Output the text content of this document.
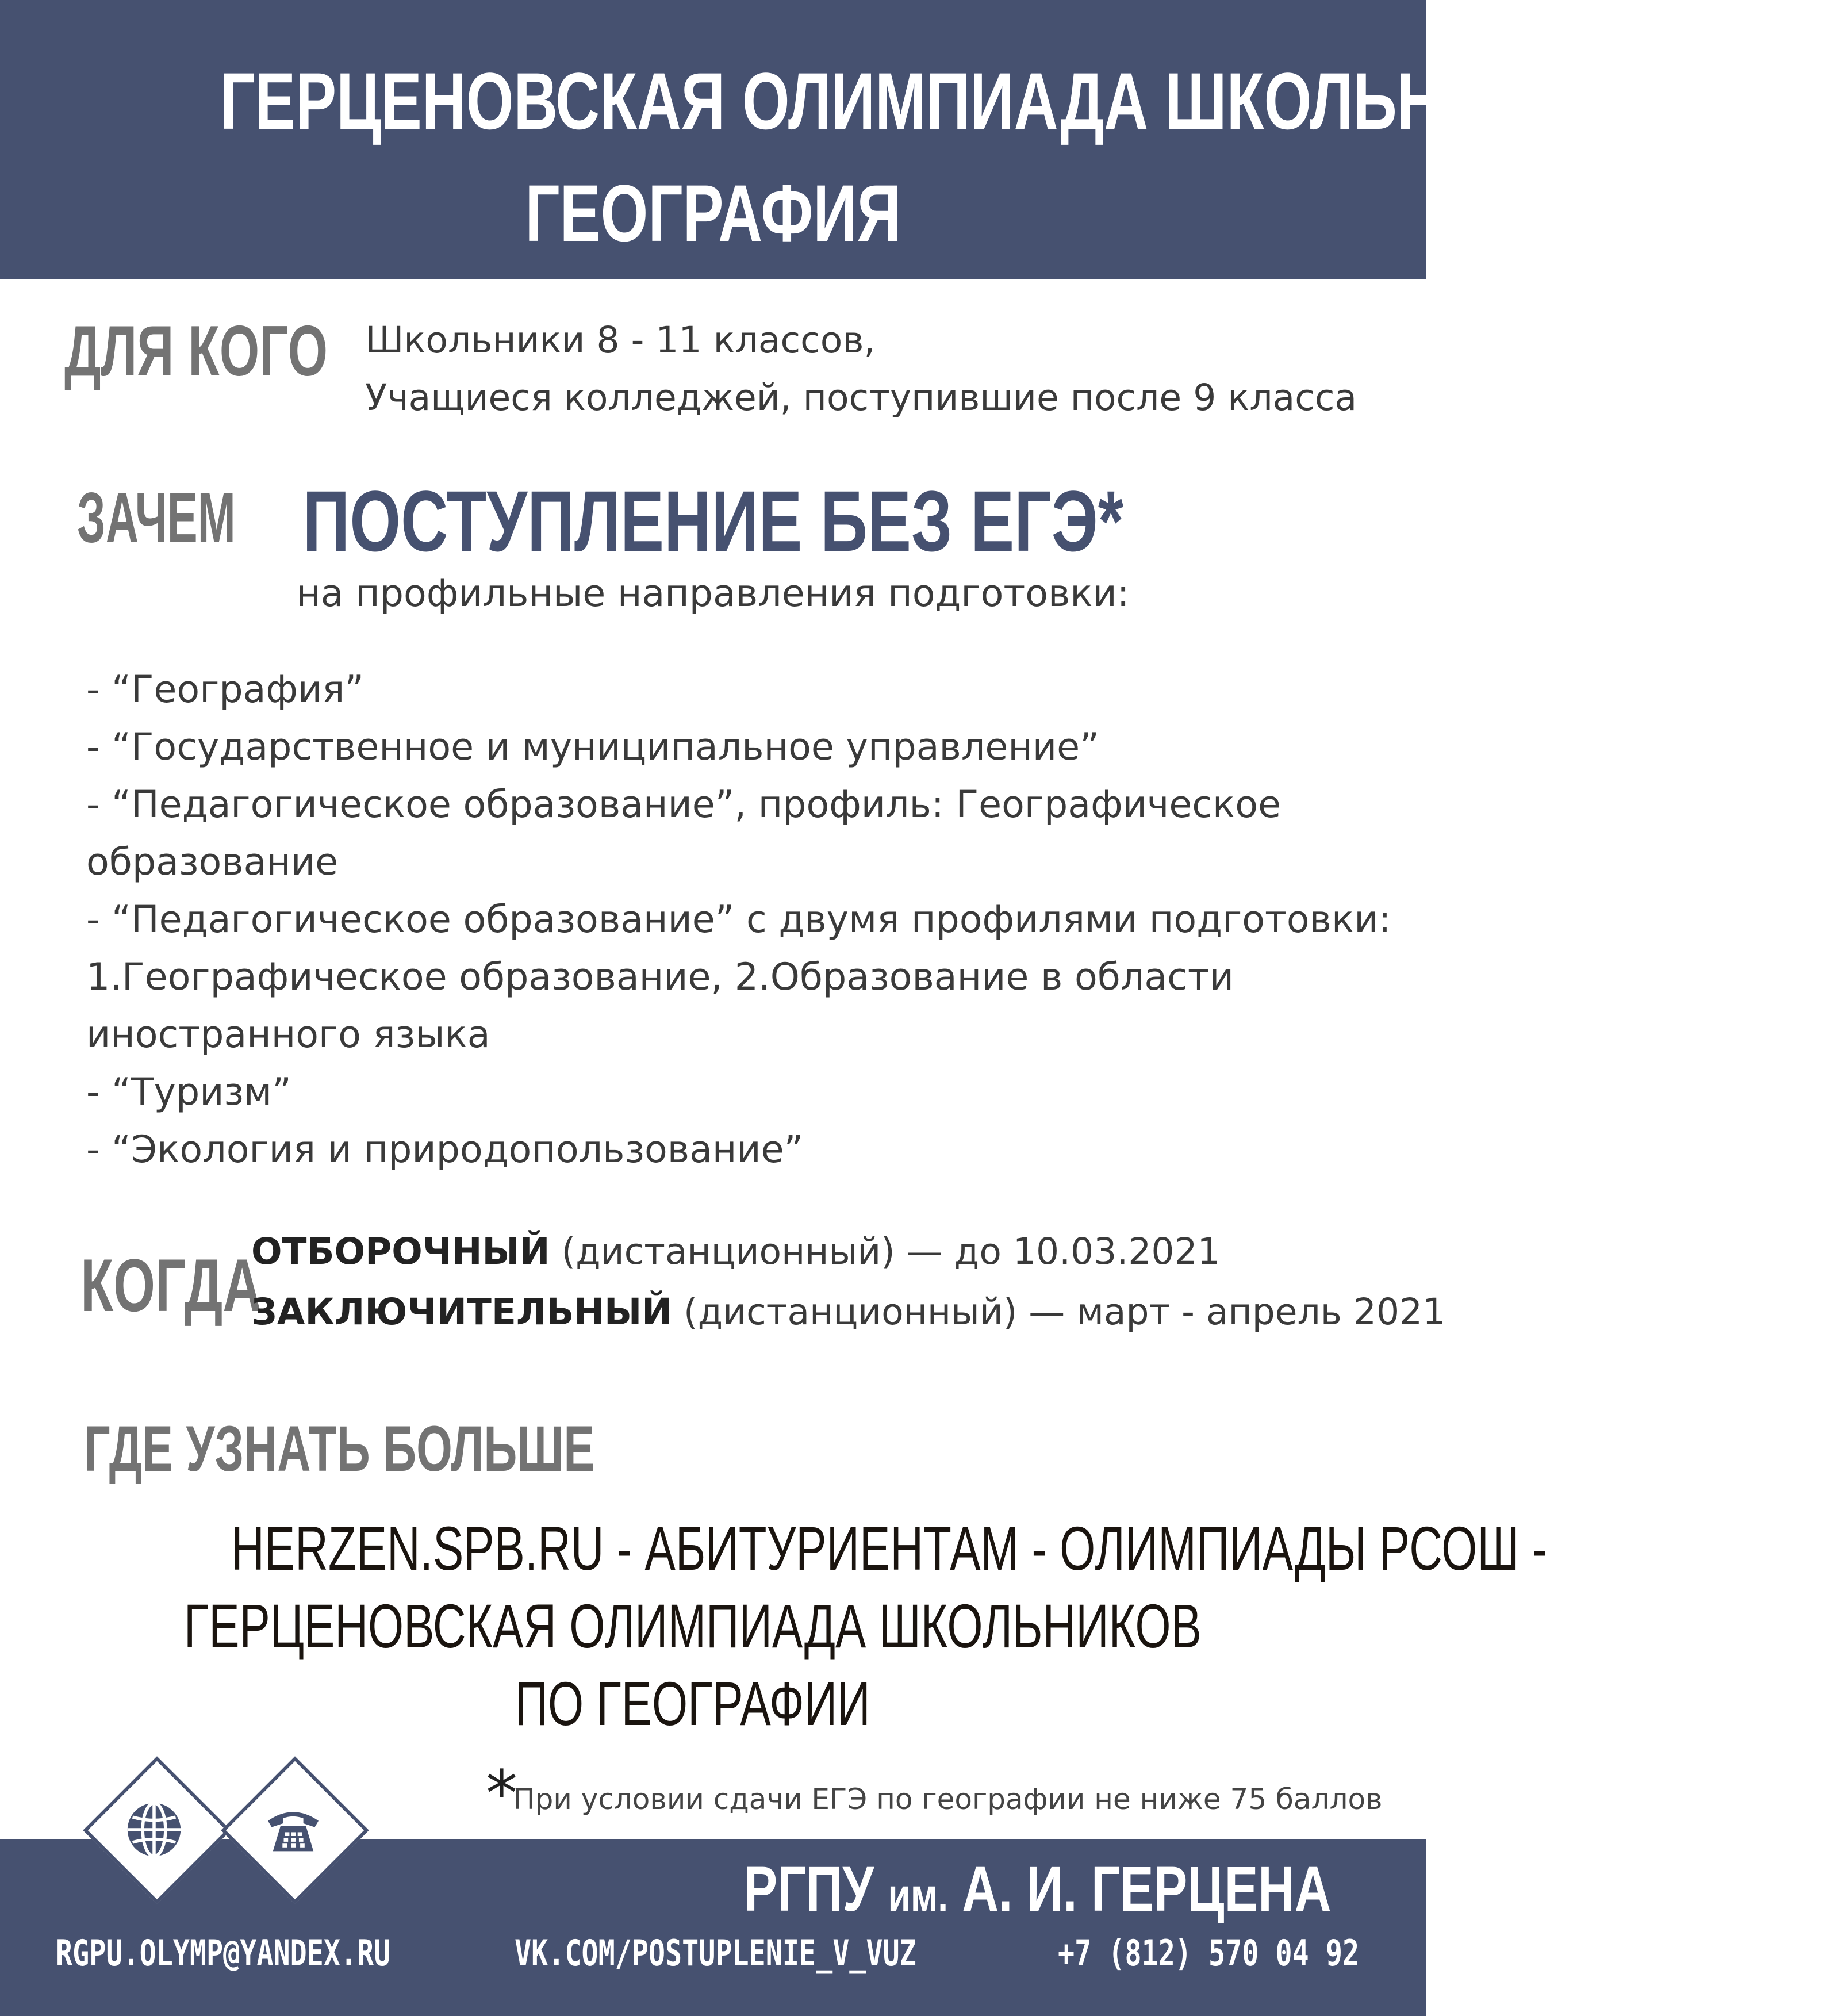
ГЕРЦЕНОВСКАЯ ОЛИМПИАДА ШКОЛЬНИКОВ
ГЕОГРАФИЯ
ДЛЯ КОГО Школьники 8 - 11 классов,
Учащиеся колледжей, поступившие после 9 класса
ЗАЧЕМ ПОСТУПЛЕНИЕ БЕЗ ЕГЭ*
на профильные направления подготовки:
- “География”
- “Государственное и муниципальное управление”
- “Педагогическое образование”, профиль: Географическое
образование
- “Педагогическое образование” с двумя профилями подготовки:
1.Географическое образование, 2.Образование в области
иностранного языка
- “Туризм”
- “Экология и природопользование”
КОГДА
ОТБОРОЧНЫЙ (дистанционный) — до 10.03.2021
ЗАКЛЮЧИТЕЛЬНЫЙ (дистанционный) — март - апрель 2021
ГДЕ УЗНАТЬ БОЛЬШЕ
HERZEN.SPB.RU - АБИТУРИЕНТАМ - ОЛИМПИАДЫ РСОШ -
ГЕРЦЕНОВСКАЯ ОЛИМПИАДА ШКОЛЬНИКОВ
ПО ГЕОГРАФИИ
*
При условии сдачи ЕГЭ по географии не ниже 75 баллов
РГПУ им. А. И. ГЕРЦЕНА
RGPU.OLYMP@YANDEX.RU	VK.COM/POSTUPLENIE_V_VUZ	+7 (812) 570 04 92
